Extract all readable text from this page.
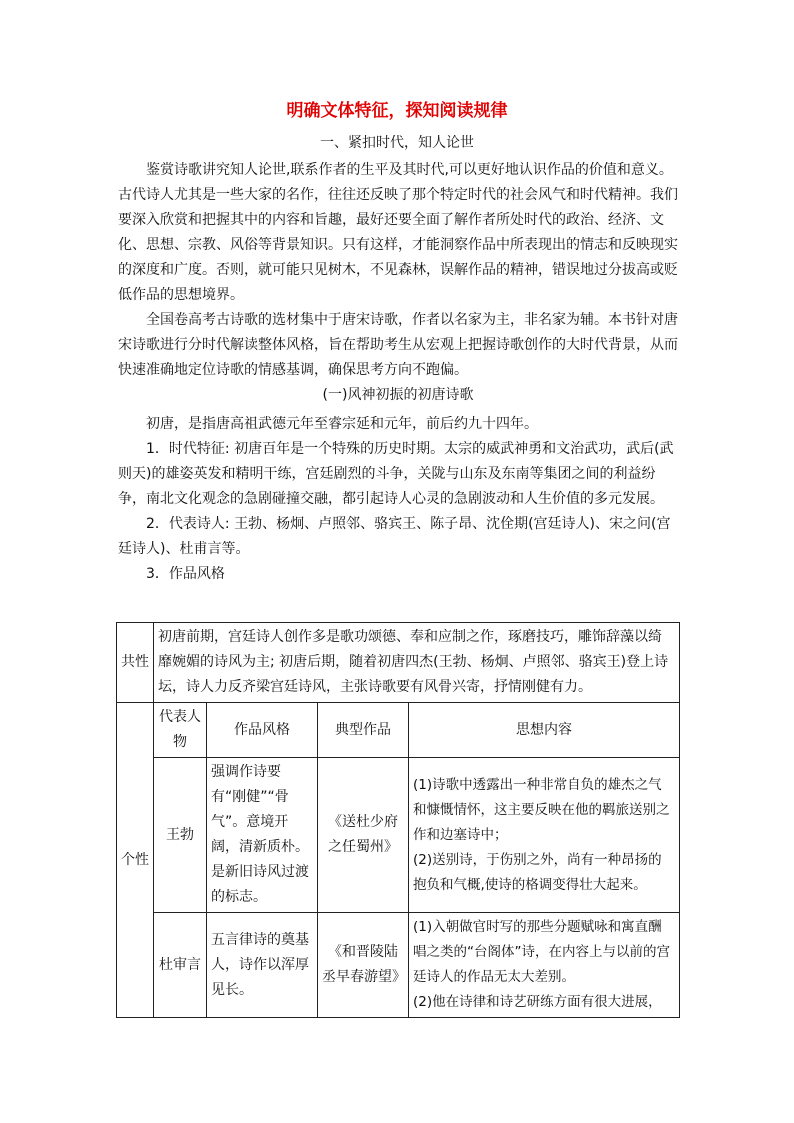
明确文体特征，探知阅读规律
一、紧扣时代，知人论世

鉴赏诗歌讲究知人论世,联系作者的生平及其时代,可以更好地认识作品的价值和意义。古代诗人尤其是一些大家的名作，往往还反映了那个特定时代的社会风气和时代精神。我们要深入欣赏和把握其中的内容和旨趣，最好还要全面了解作者所处时代的政治、经济、文化、思想、宗教、风俗等背景知识。只有这样，才能洞察作品中所表现出的情志和反映现实的深度和广度。否则，就可能只见树木，不见森林，误解作品的精神，错误地过分拔高或贬低作品的思想境界。

全国卷高考古诗歌的选材集中于唐宋诗歌，作者以名家为主，非名家为辅。本书针对唐宋诗歌进行分时代解读整体风格，旨在帮助考生从宏观上把握诗歌创作的大时代背景，从而快速准确地定位诗歌的情感基调，确保思考方向不跑偏。

(一)风神初振的初唐诗歌

初唐，是指唐高祖武德元年至睿宗延和元年，前后约九十四年。

1．时代特征: 初唐百年是一个特殊的历史时期。太宗的威武神勇和文治武功，武后(武则天)的雄姿英发和精明干练，宫廷剧烈的斗争，关陇与山东及东南等集团之间的利益纷争，南北文化观念的急剧碰撞交融，都引起诗人心灵的急剧波动和人生价值的多元发展。

2．代表诗人: 王勃、杨炯、卢照邻、骆宾王、陈子昂、沈佺期(宫廷诗人)、宋之问(宫廷诗人)、杜甫言等。

3．作品风格

共性	初唐前期，宫廷诗人创作多是歌功颂德、奉和应制之作，琢磨技巧，雕饰辞藻以绮靡婉媚的诗风为主; 初唐后期，随着初唐四杰(王勃、杨炯、卢照邻、骆宾王)登上诗坛，诗人力反齐梁宫廷诗风，主张诗歌要有风骨兴寄，抒情刚健有力。			
个性	代表人物	作品风格	典型作品	思想内容
	王勃	强调作诗要有“刚健”“骨气”。意境开阔，清新质朴。是新旧诗风过渡的标志。	《送杜少府之任蜀州》	(1)诗歌中透露出一种非常自负的雄杰之气和慷慨情怀，这主要反映在他的羁旅送别之作和边塞诗中；
(2)送别诗，于伤别之外，尚有一种昂扬的抱负和气概,使诗的格调变得壮大起来。

	杜审言	五言律诗的奠基人，诗作以浑厚见长。	《和晋陵陆丞早春游望》	(1)入朝做官时写的那些分题赋咏和寓直酬唱之类的“台阁体”诗，在内容上与以前的宫廷诗人的作品无太大差别。
(2)他在诗律和诗艺研练方面有很大进展，
